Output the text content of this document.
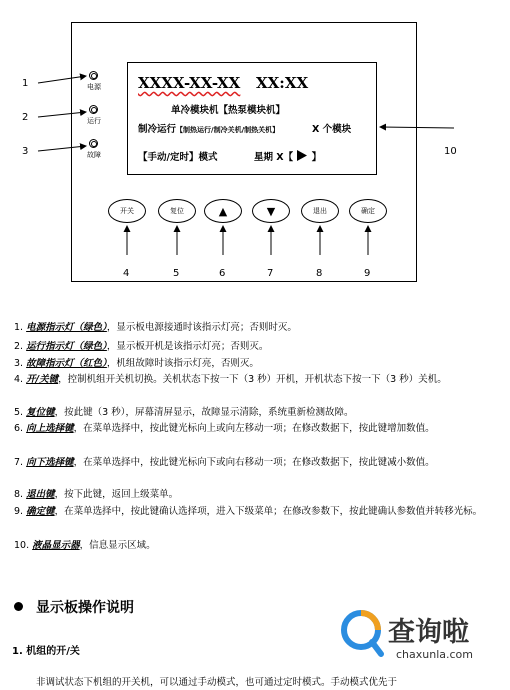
电源
运行
故障
XXXX-XX-XX XX:XX
单冷模块机【热泵模块机】
制冷运行【制热运行/制冷关机/制热关机】	X 个模块
【手动/定时】模式	星期 X【 】
开关	复位	▲	▼	退出	确定
1
2
3	10
4	5	6	7	8	9
1. 电源指示灯（绿色），显示板电源接通时该指示灯亮；否则时灭。
2. 运行指示灯（绿色），显示板开机是该指示灯亮；否则灭。
3. 故障指示灯（红色），机组故障时该指示灯亮，否则灭。
4. 开/关键，控制机组开关机切换。关机状态下按一下（3 秒）开机，开机状态下按一下（3 秒）关机。
5. 复位键，按此键（3 秒），屏幕清屏显示，故障显示清除，系统重新检测故障。
6. 向上选择键，在菜单选择中，按此键光标向上或向左移动一项；在修改数据下，按此键增加数值。
7. 向下选择键，在菜单选择中，按此键光标向下或向右移动一项；在修改数据下，按此键减小数值。
8. 退出键，按下此键，返回上级菜单。
9. 确定键，在菜单选择中，按此键确认选择项，进入下级菜单；在修改参数下，按此键确认参数值并转移光标。
10. 液晶显示器，信息显示区域。
显示板操作说明
1. 机组的开/关
非调试状态下机组的开关机，可以通过手动模式，也可通过定时模式。手动模式优先于
查询啦
chaxunla.com
